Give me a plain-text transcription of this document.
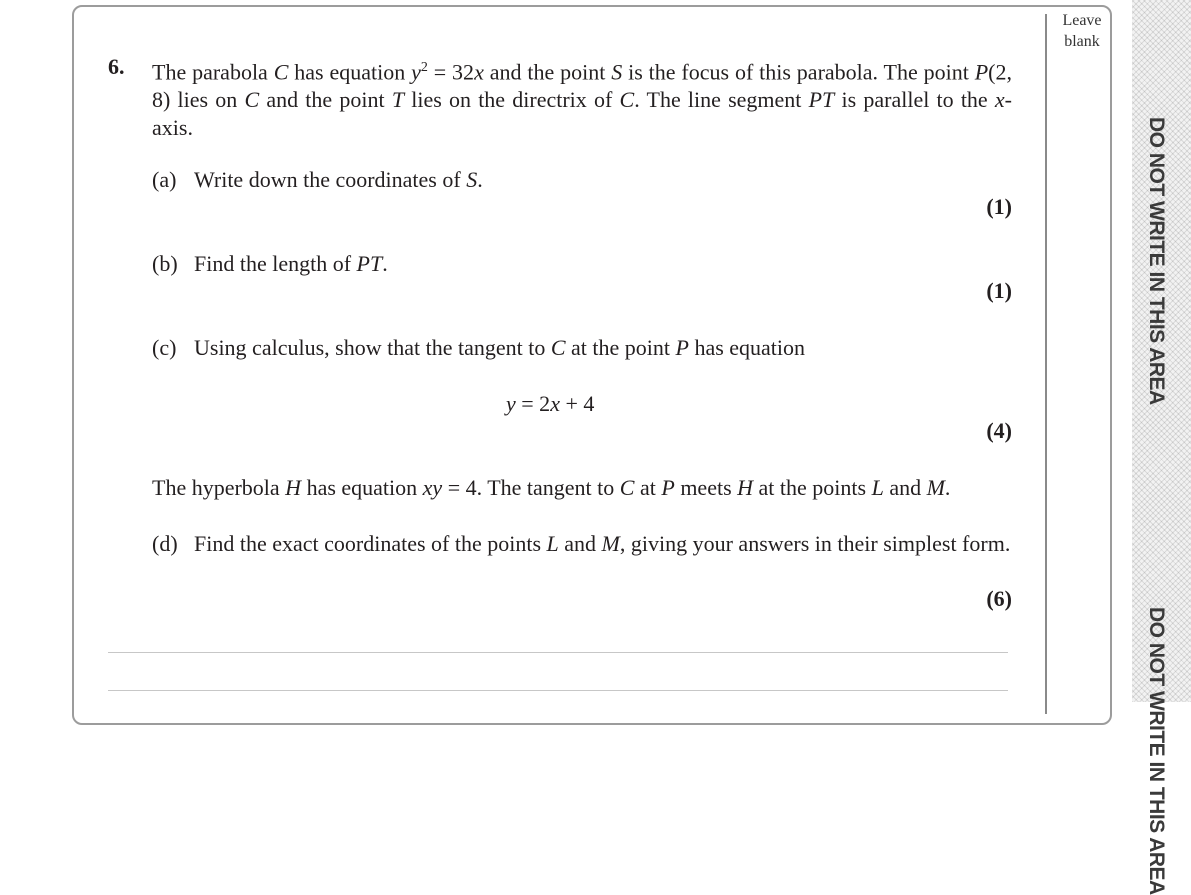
Leave
blank
DO NOT WRITE IN THIS AREA
DO NOT WRITE IN THIS AREA
6. The parabola C has equation $y^2 = 32x$ and the point S is the focus of this parabola. The point P(2, 8) lies on C and the point T lies on the directrix of C. The line segment PT is parallel to the x-axis.
(a) Write down the coordinates of S.
(1)
(b) Find the length of PT.
(1)
(c) Using calculus, show that the tangent to C at the point P has equation
y = 2x + 4
(4)
The hyperbola H has equation xy = 4. The tangent to C at P meets H at the points L and M.
(d) Find the exact coordinates of the points L and M, giving your answers in their simplest form.
(6)
